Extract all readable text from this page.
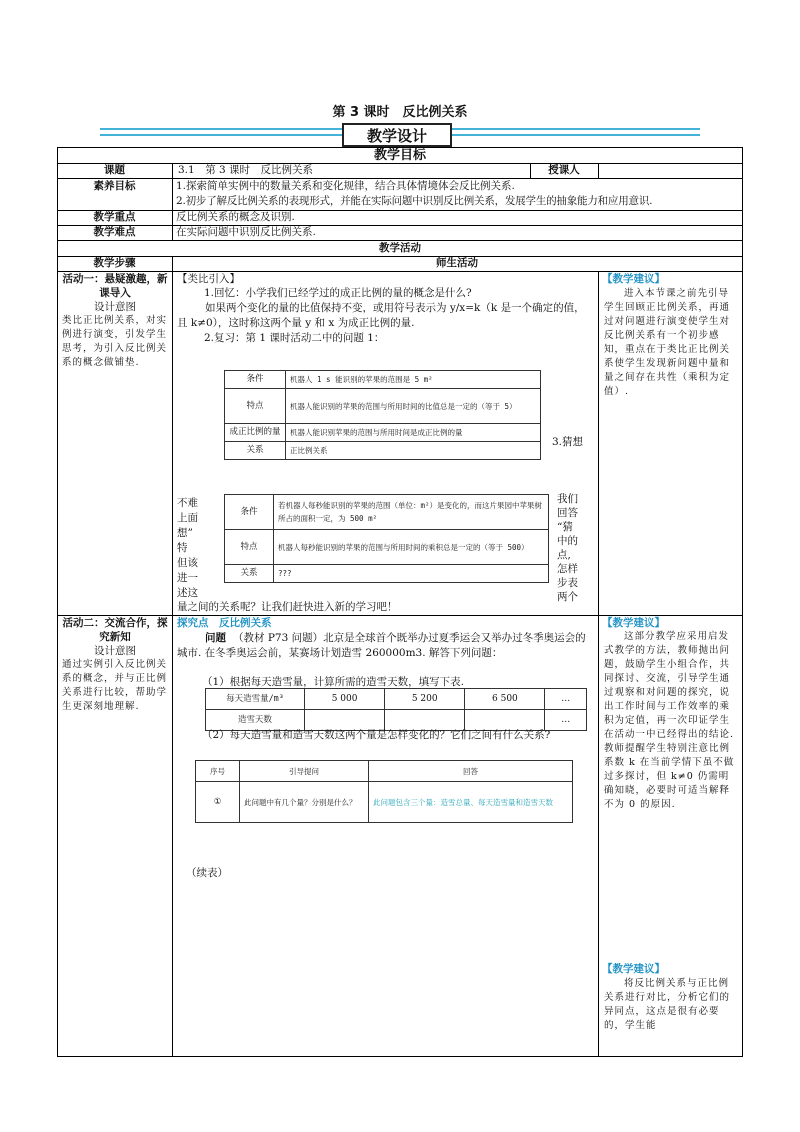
第 3 课时　反比例关系
教学设计
教学目标
课题	3.1　第 3 课时　反比例关系	授课人
素养目标	1.探索简单实例中的数量关系和变化规律，结合具体情境体会反比例关系.
2.初步了解反比例关系的表现形式，并能在实际问题中识别反比例关系，发展学生的抽象能力和应用意识.
教学重点	反比例关系的概念及识别.
教学难点	在实际问题中识别反比例关系.
教学活动
教学步骤	师生活动
活动一：悬疑激趣，新课导入
设计意图
类比正比例关系，对实例进行演变，引发学生思考，为引入反比例关系的概念做铺垫.
【类比引入】
1.回忆：小学我们已经学过的成正比例的量的概念是什么?
如果两个变化的量的比值保持不变，或用符号表示为 y/x=k（k 是一个确定的值，且 k≠0），这时称这两个量 y 和 x 为成正比例的量.
2.复习：第 1 课时活动二中的问题 1：
条件	机器人 1 s 能识别的苹果的范围是 5 m²
特点	机器人能识别的苹果的范围与所用时间的比值总是一定的（等于 5）
成正比例的量	机器人能识别苹果的范围与所用时间是成正比例的量
关系	正比例关系
3.猜想
不难
上面
想”
特
但该
进一
述这
我们
回答
“猜
中的
点,
怎样
步表
两个
条件	若机器人每秒能识别的苹果的范围（单位：m²）是变化的，而这片果园中苹果树所占的面积一定，为 500 m²
特点	机器人每秒能识别的苹果的范围与所用时间的乘积总是一定的（等于 500）
关系	???
量之间的关系呢？让我们赶快进入新的学习吧！
【教学建议】
进入本节课之前先引导学生回顾正比例关系，再通过对问题进行演变使学生对反比例关系有一个初步感知，重点在于类比正比例关系使学生发现新问题中量和量之间存在共性（乘积为定值）.
活动二：交流合作，探究新知
设计意图
通过实例引入反比例关系的概念，并与正比例关系进行比较，帮助学生更深刻地理解.
探究点　反比例关系
问题 （教材 P73 问题）北京是全球首个既举办过夏季运会又举办过冬季奥运会的城市. 在冬季奥运会前，某赛场计划造雪 260000m3. 解答下列问题：
（1）根据每天造雪量，计算所需的造雪天数，填写下表.
每天造雪量/m³	5 000	5 200	6 500	…
造雪天数				…
（2）每天造雪量和造雪天数这两个量是怎样变化的？它们之间有什么关系?
序号	引导提问	回答
①	此问题中有几个量？分别是什么？	此问题包含三个量：造雪总量、每天造雪量和造雪天数
（续表）
【教学建议】
这部分教学应采用启发式教学的方法，教师抛出问题，鼓励学生小组合作，共同探讨、交流，引导学生通过观察和对问题的探究，说出工作时间与工作效率的乘积为定值，再一次印证学生在活动一中已经得出的结论. 教师提醒学生特别注意比例系数 k 在当前学情下虽不做过多探讨，但 k≠0 仍需明确知晓，必要时可适当解释不为 0 的原因.
【教学建议】
将反比例关系与正比例关系进行对比，分析它们的异同点，这点是很有必要的，学生能
